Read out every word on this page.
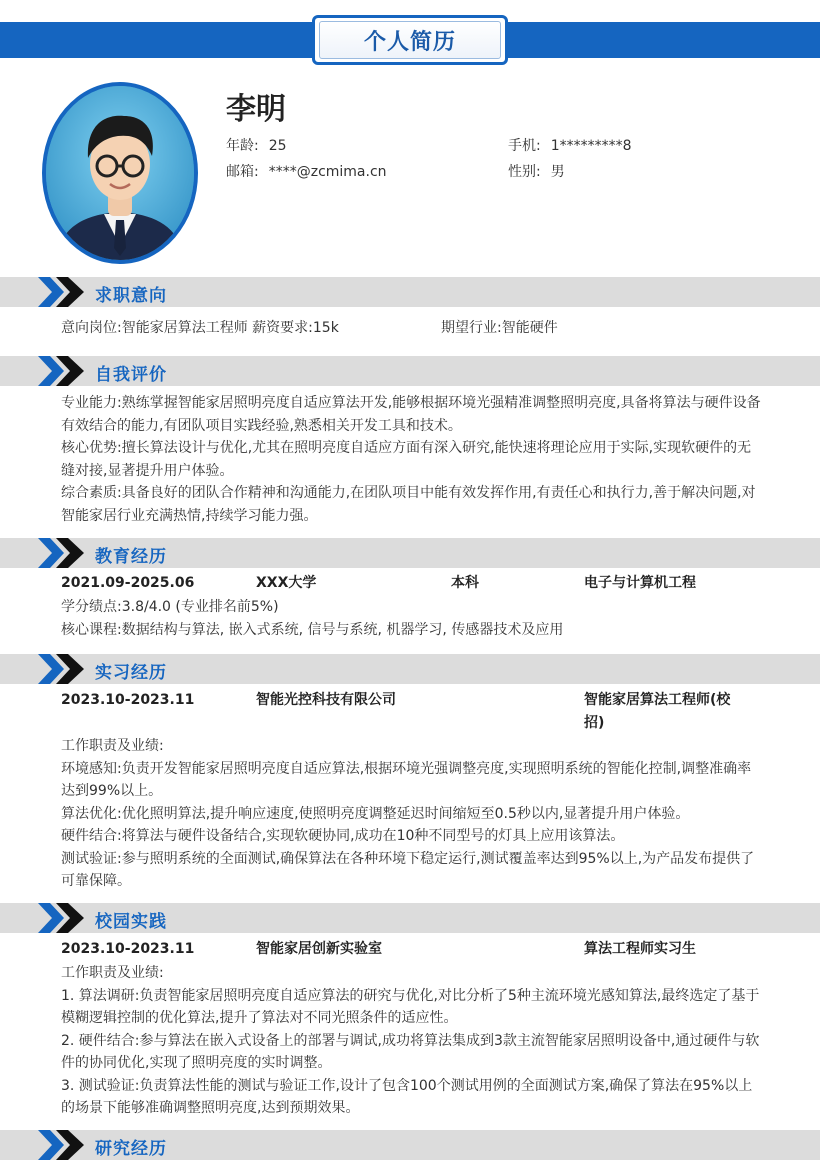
个人简历
李明
年龄: 25	手机: 1*********8
邮箱: ****@zcmima.cn	性别: 男
求职意向
意向岗位:智能家居算法工程师 薪资要求:15k	期望行业:智能硬件
自我评价
专业能力:熟练掌握智能家居照明亮度自适应算法开发,能够根据环境光强精准调整照明亮度,具备将算法与硬件设备有效结合的能力,有团队项目实践经验,熟悉相关开发工具和技术。
核心优势:擅长算法设计与优化,尤其在照明亮度自适应方面有深入研究,能快速将理论应用于实际,实现软硬件的无缝对接,显著提升用户体验。
综合素质:具备良好的团队合作精神和沟通能力,在团队项目中能有效发挥作用,有责任心和执行力,善于解决问题,对智能家居行业充满热情,持续学习能力强。
教育经历
2021.09-2025.06	XXX大学	本科	电子与计算机工程
学分绩点:3.8/4.0 (专业排名前5%)
核心课程:数据结构与算法, 嵌入式系统, 信号与系统, 机器学习, 传感器技术及应用
实习经历
2023.10-2023.11	智能光控科技有限公司	智能家居算法工程师(校招)
工作职责及业绩:
环境感知:负责开发智能家居照明亮度自适应算法,根据环境光强调整亮度,实现照明系统的智能化控制,调整准确率达到99%以上。
算法优化:优化照明算法,提升响应速度,使照明亮度调整延迟时间缩短至0.5秒以内,显著提升用户体验。
硬件结合:将算法与硬件设备结合,实现软硬协同,成功在10种不同型号的灯具上应用该算法。
测试验证:参与照明系统的全面测试,确保算法在各种环境下稳定运行,测试覆盖率达到95%以上,为产品发布提供了可靠保障。
校园实践
2023.10-2023.11	智能家居创新实验室	算法工程师实习生
工作职责及业绩:
1. 算法调研:负责智能家居照明亮度自适应算法的研究与优化,对比分析了5种主流环境光感知算法,最终选定了基于模糊逻辑控制的优化算法,提升了算法对不同光照条件的适应性。
2. 硬件结合:参与算法在嵌入式设备上的部署与调试,成功将算法集成到3款主流智能家居照明设备中,通过硬件与软件的协同优化,实现了照明亮度的实时调整。
3. 测试验证:负责算法性能的测试与验证工作,设计了包含100个测试用例的全面测试方案,确保了算法在95%以上的场景下能够准确调整照明亮度,达到预期效果。
研究经历
